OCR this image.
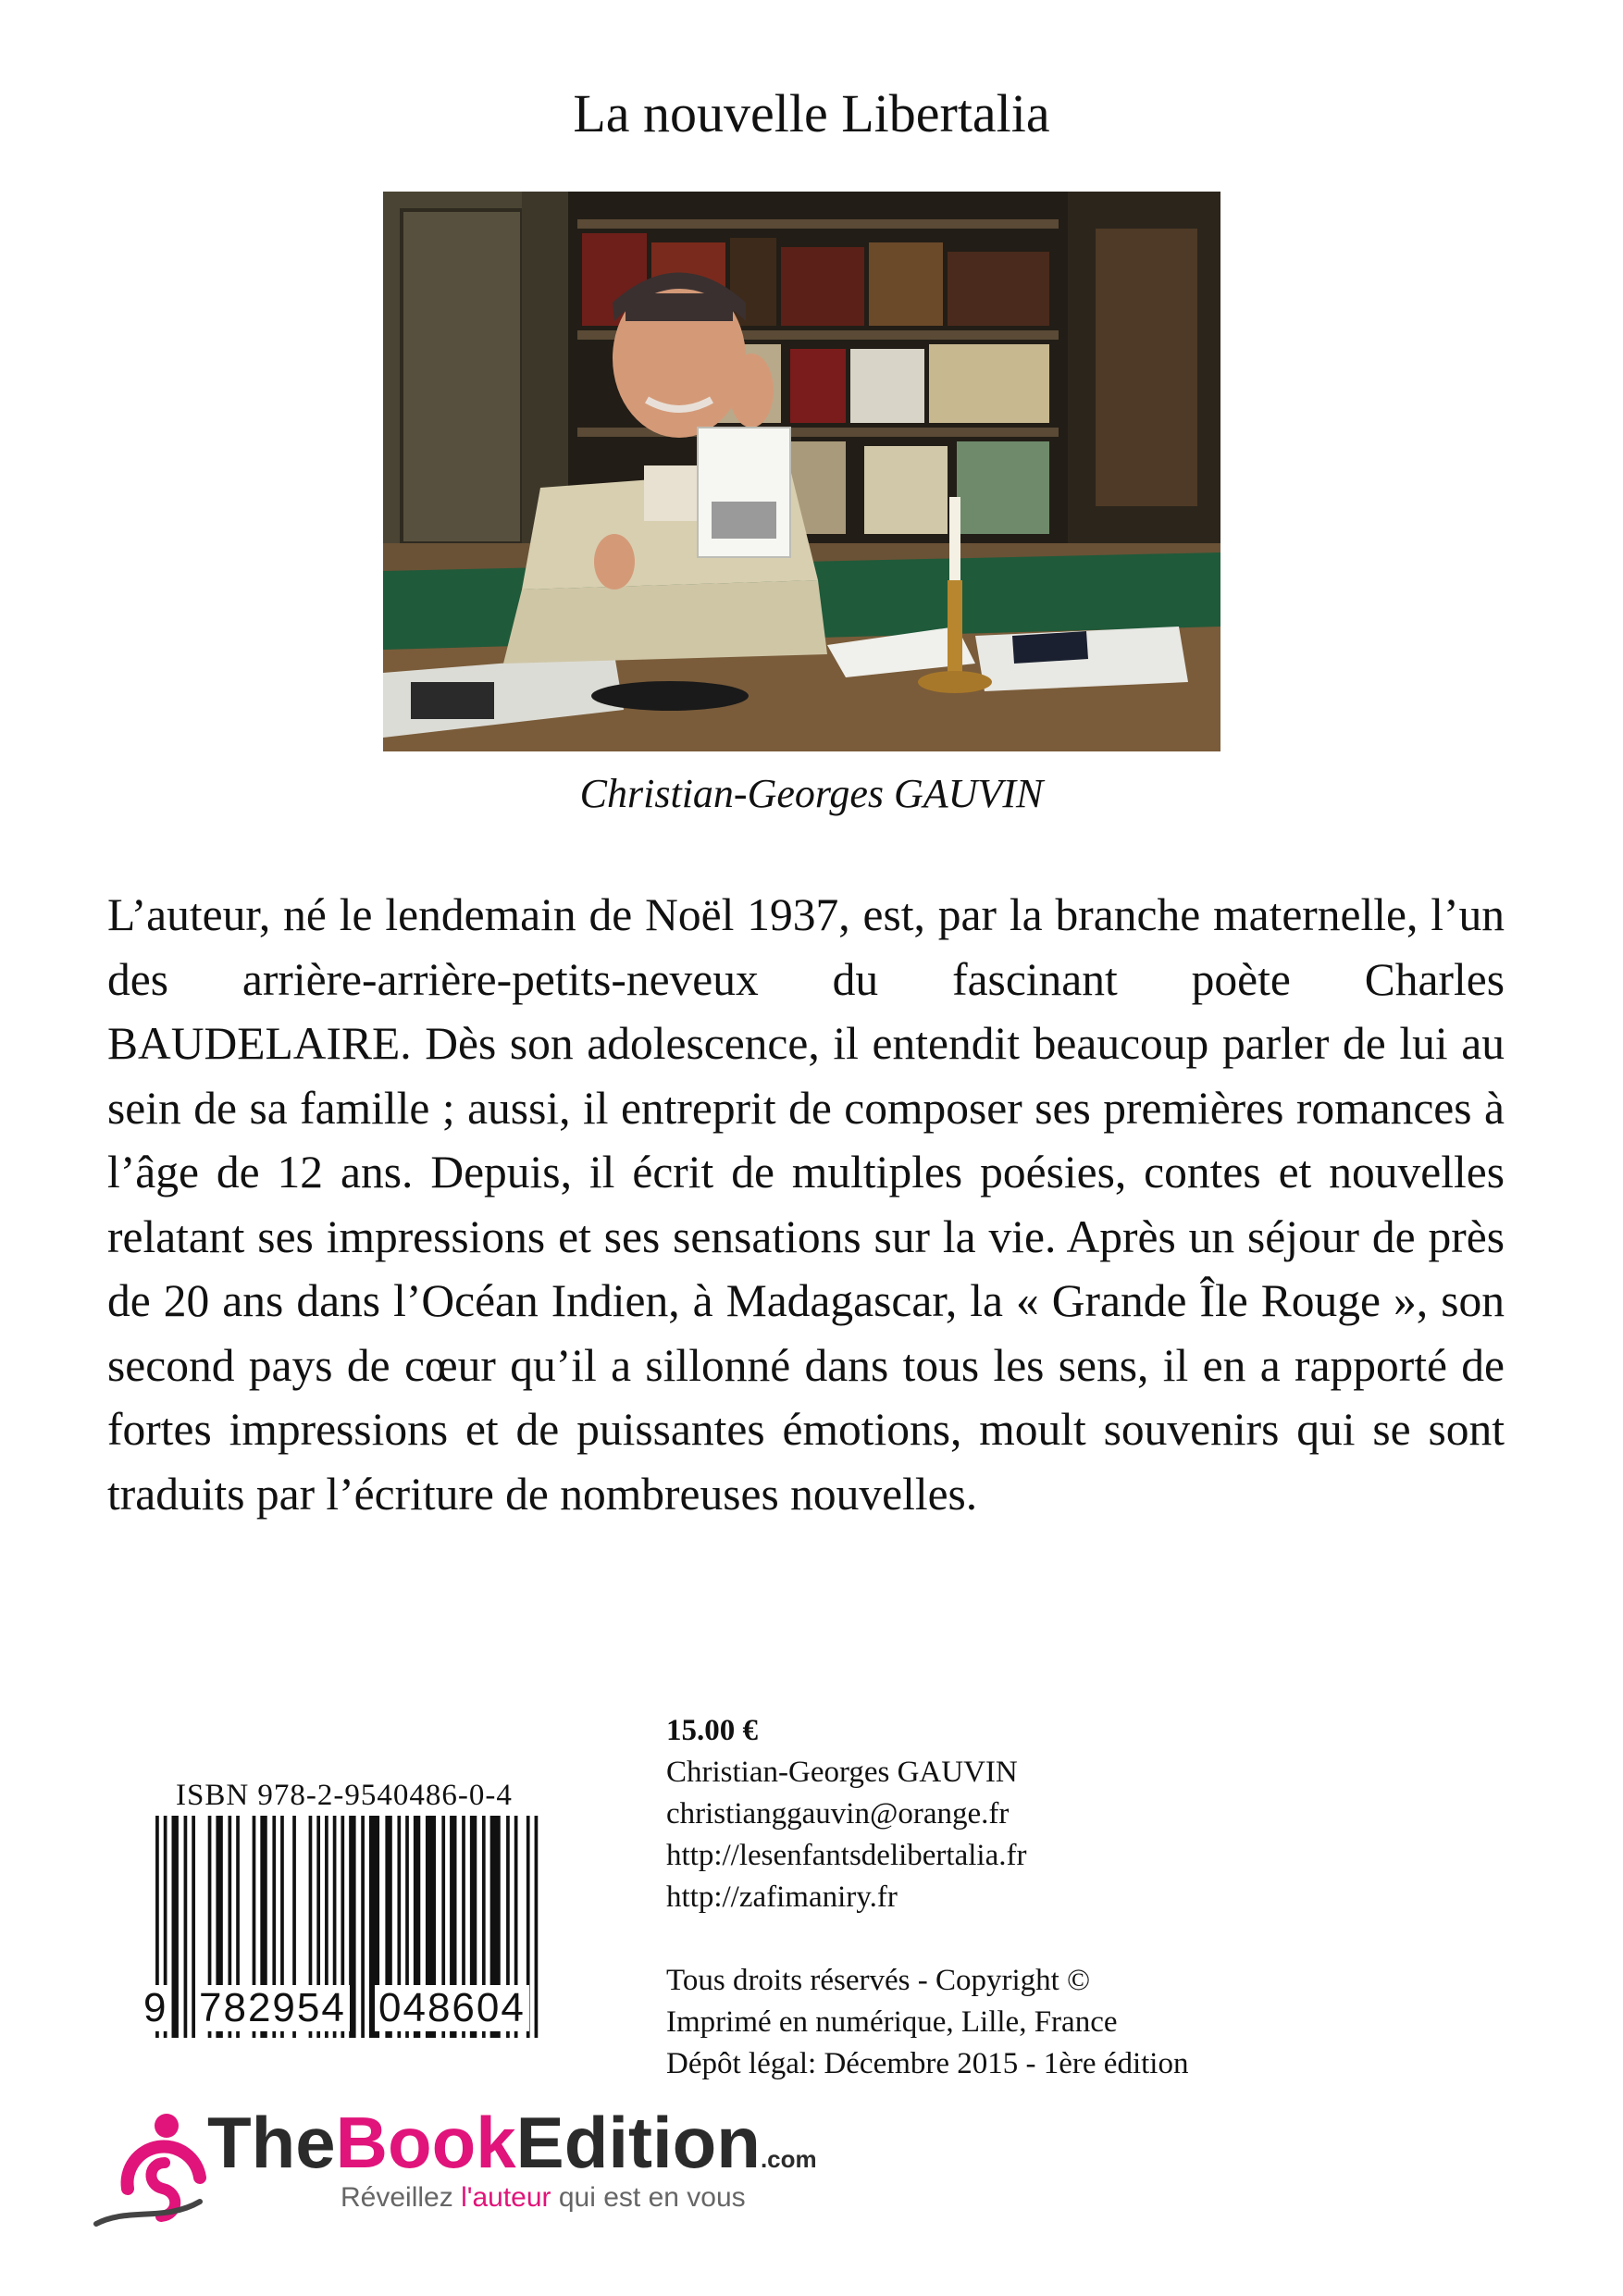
La nouvelle Libertalia
Christian-Georges GAUVIN
L’auteur, né le lendemain de Noël 1937, est, par la branche maternelle, l’un des arrière-arrière-petits-neveux du fascinant poète Charles BAUDELAIRE. Dès son adolescence, il entendit beaucoup parler de lui au sein de sa famille ; aussi, il entreprit de composer ses premières romances à l’âge de 12 ans. Depuis, il écrit de multiples poésies, contes et nouvelles relatant ses impressions et ses sensations sur la vie. Après un séjour de près de 20 ans dans l’Océan Indien, à Madagascar, la « Grande Île Rouge », son second pays de cœur qu’il a sillonné dans tous les sens, il en a rapporté de fortes impressions et de puissantes émotions, moult souvenirs qui se sont traduits par l’écriture de nombreuses nouvelles.
ISBN 978-2-9540486-0-4
9 782954 048604
15.00 €
Christian-Georges GAUVIN
christianggauvin@orange.fr
http://lesenfantsdelibertalia.fr
http://zafimaniry.fr
Tous droits réservés - Copyright ©
Imprimé en numérique, Lille, France
Dépôt légal: Décembre 2015 - 1ère édition
TheBookEdition.com
Réveillez l'auteur qui est en vous
